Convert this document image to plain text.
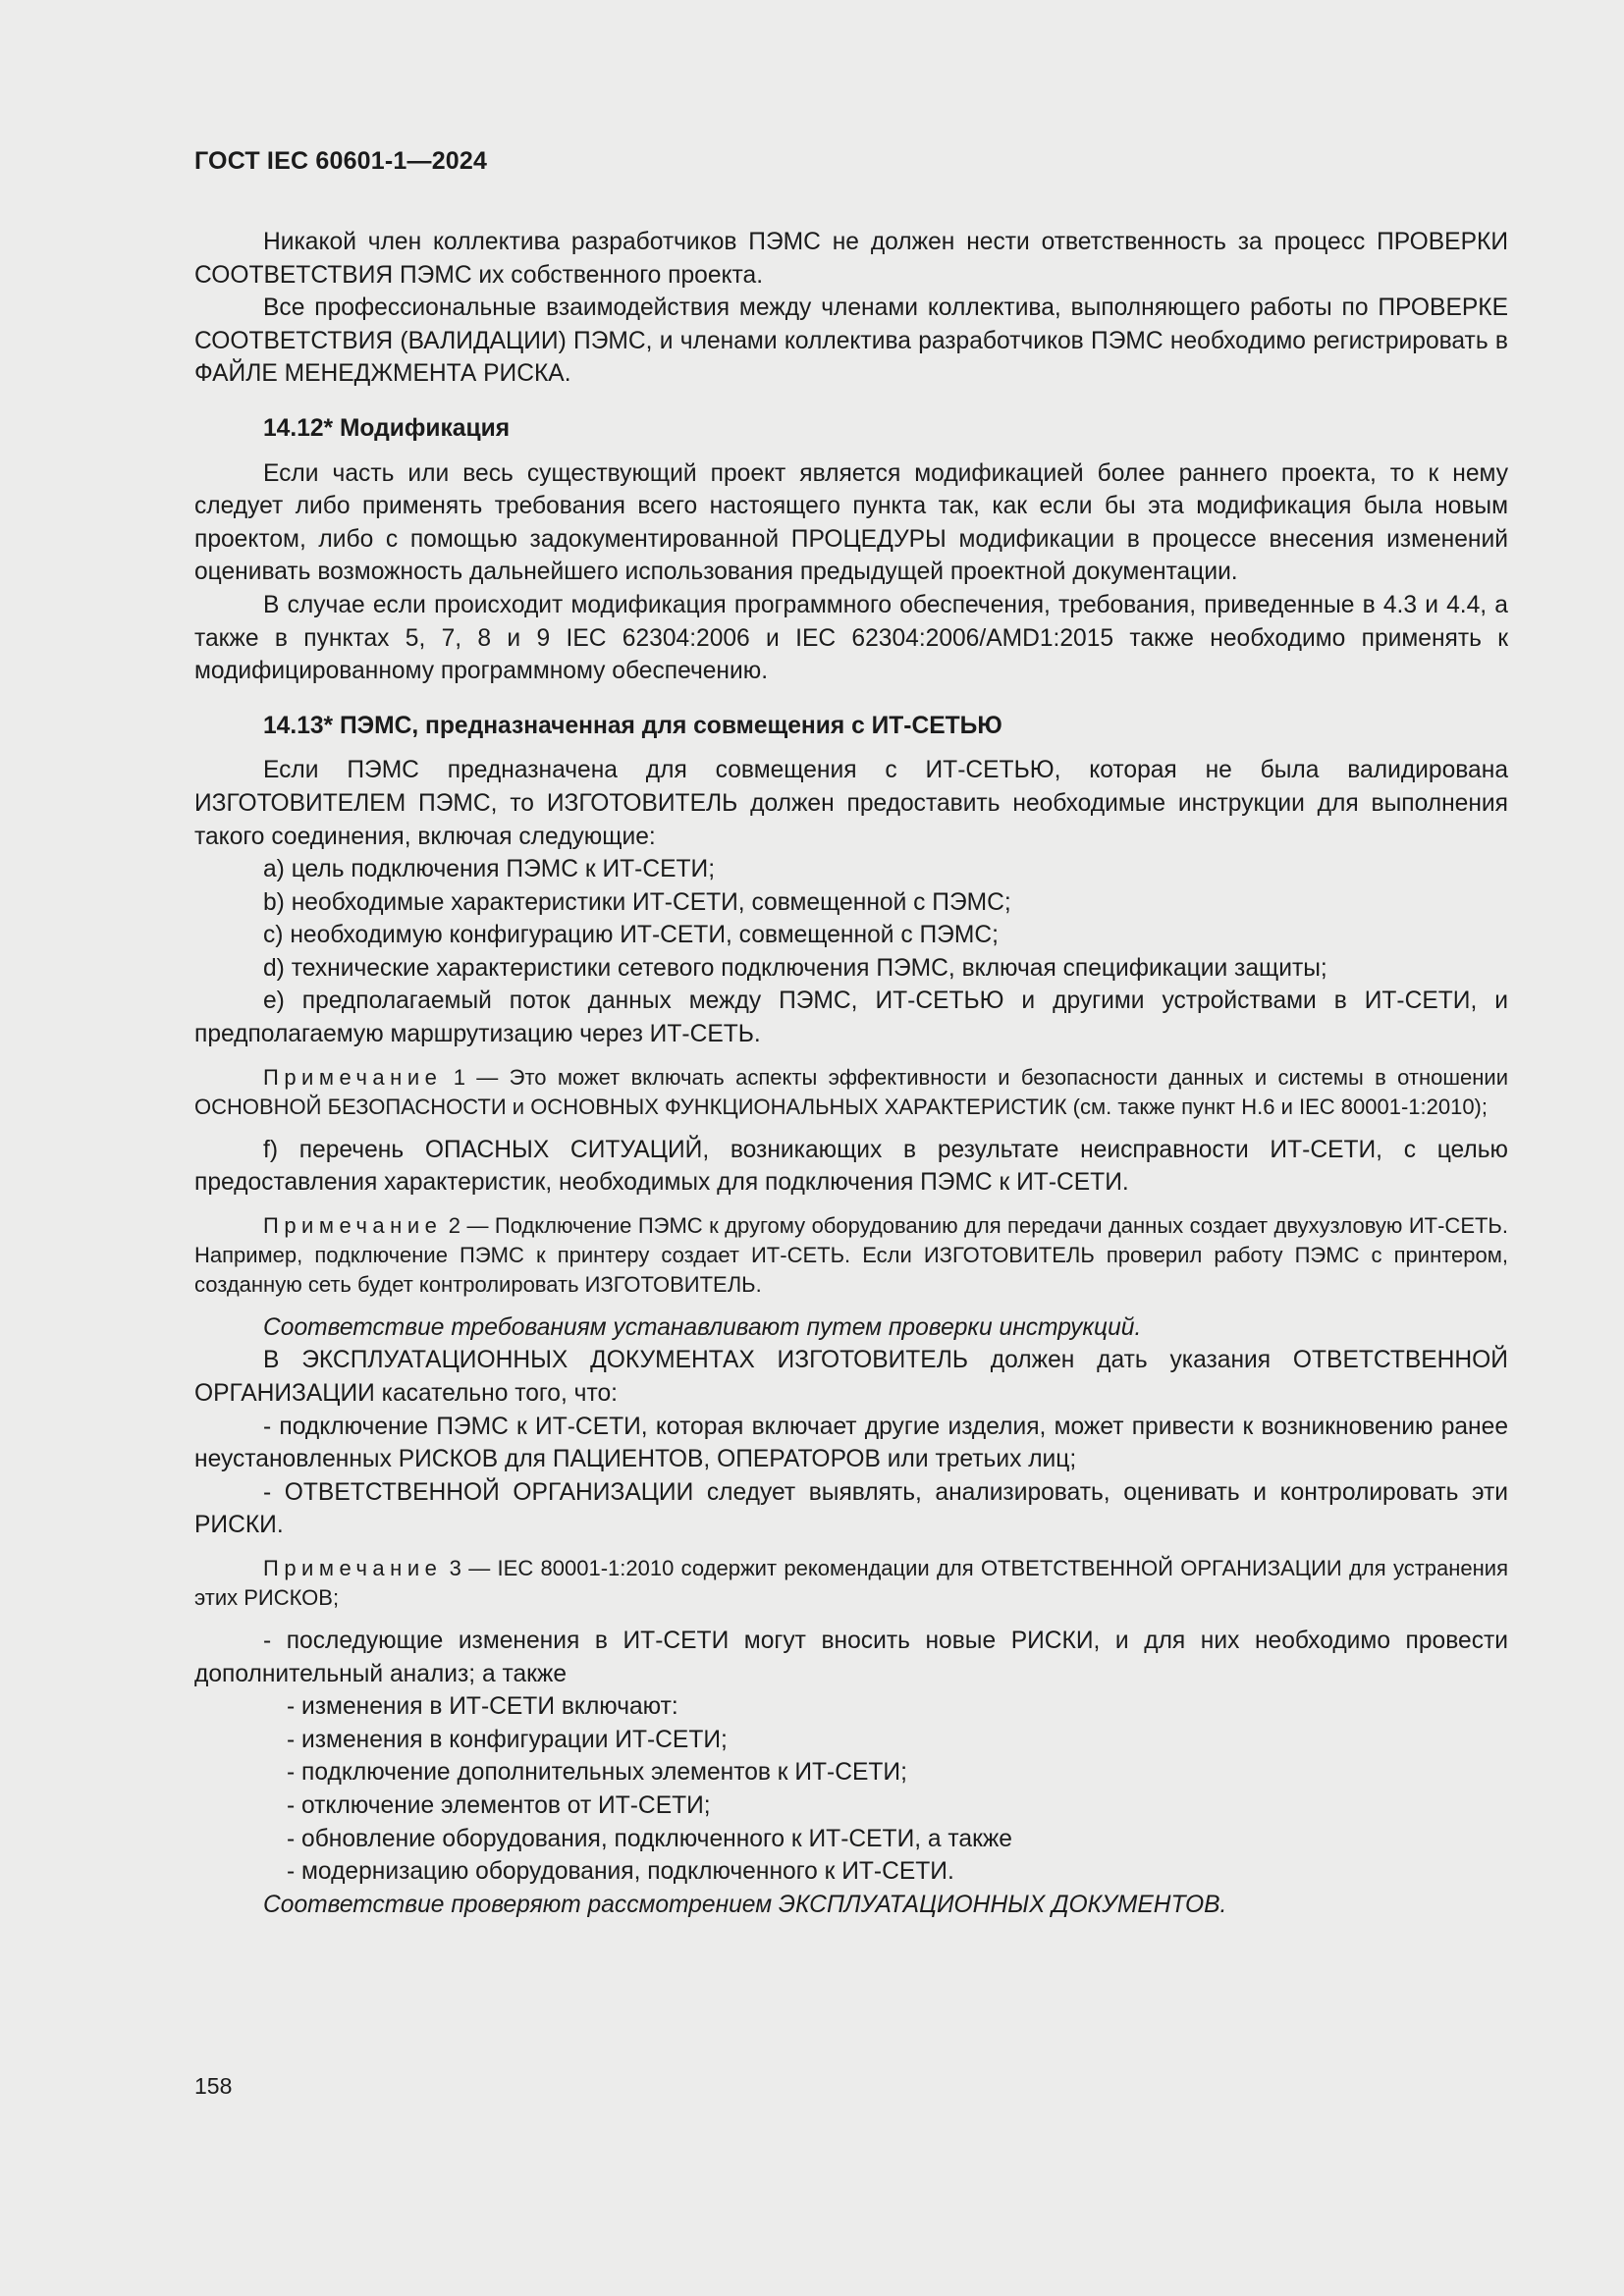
ГОСТ IEC 60601-1—2024

Никакой член коллектива разработчиков ПЭМС не должен нести ответственность за процесс ПРОВЕРКИ СООТВЕТСТВИЯ ПЭМС их собственного проекта.

Все профессиональные взаимодействия между членами коллектива, выполняющего работы по ПРОВЕРКЕ СООТВЕТСТВИЯ (ВАЛИДАЦИИ) ПЭМС, и членами коллектива разработчиков ПЭМС необходимо регистрировать в ФАЙЛЕ МЕНЕДЖМЕНТА РИСКА.

14.12* Модификация

Если часть или весь существующий проект является модификацией более раннего проекта, то к нему следует либо применять требования всего настоящего пункта так, как если бы эта модификация была новым проектом, либо с помощью задокументированной ПРОЦЕДУРЫ модификации в процессе внесения изменений оценивать возможность дальнейшего использования предыдущей проектной документации.

В случае если происходит модификация программного обеспечения, требования, приведенные в 4.3 и 4.4, а также в пунктах 5, 7, 8 и 9 IEC 62304:2006 и IEC 62304:2006/AMD1:2015 также необходимо применять к модифицированному программному обеспечению.

14.13* ПЭМС, предназначенная для совмещения с ИТ-СЕТЬЮ

Если ПЭМС предназначена для совмещения с ИТ-СЕТЬЮ, которая не была валидирована ИЗГОТОВИТЕЛЕМ ПЭМС, то ИЗГОТОВИТЕЛЬ должен предоставить необходимые инструкции для выполнения такого соединения, включая следующие:

a) цель подключения ПЭМС к ИТ-СЕТИ;

b) необходимые характеристики ИТ-СЕТИ, совмещенной с ПЭМС;

c) необходимую конфигурацию ИТ-СЕТИ, совмещенной с ПЭМС;

d) технические характеристики сетевого подключения ПЭМС, включая спецификации защиты;

e) предполагаемый поток данных между ПЭМС, ИТ-СЕТЬЮ и другими устройствами в ИТ-СЕТИ, и предполагаемую маршрутизацию через ИТ-СЕТЬ.

Примечание 1 — Это может включать аспекты эффективности и безопасности данных и системы в отношении ОСНОВНОЙ БЕЗОПАСНОСТИ и ОСНОВНЫХ ФУНКЦИОНАЛЬНЫХ ХАРАКТЕРИСТИК (см. также пункт H.6 и IEC 80001-1:2010);

f) перечень ОПАСНЫХ СИТУАЦИЙ, возникающих в результате неисправности ИТ-СЕТИ, с целью предоставления характеристик, необходимых для подключения ПЭМС к ИТ-СЕТИ.

Примечание 2 — Подключение ПЭМС к другому оборудованию для передачи данных создает двухузловую ИТ-СЕТЬ. Например, подключение ПЭМС к принтеру создает ИТ-СЕТЬ. Если ИЗГОТОВИТЕЛЬ проверил работу ПЭМС с принтером, созданную сеть будет контролировать ИЗГОТОВИТЕЛЬ.

Соответствие требованиям устанавливают путем проверки инструкций.

В ЭКСПЛУАТАЦИОННЫХ ДОКУМЕНТАХ ИЗГОТОВИТЕЛЬ должен дать указания ОТВЕТСТВЕННОЙ ОРГАНИЗАЦИИ касательно того, что:

- подключение ПЭМС к ИТ-СЕТИ, которая включает другие изделия, может привести к возникновению ранее неустановленных РИСКОВ для ПАЦИЕНТОВ, ОПЕРАТОРОВ или третьих лиц;

- ОТВЕТСТВЕННОЙ ОРГАНИЗАЦИИ следует выявлять, анализировать, оценивать и контролировать эти РИСКИ.

Примечание 3 — IEC 80001-1:2010 содержит рекомендации для ОТВЕТСТВЕННОЙ ОРГАНИЗАЦИИ для устранения этих РИСКОВ;

- последующие изменения в ИТ-СЕТИ могут вносить новые РИСКИ, и для них необходимо провести дополнительный анализ; а также

- изменения в ИТ-СЕТИ включают:

- изменения в конфигурации ИТ-СЕТИ;

- подключение дополнительных элементов к ИТ-СЕТИ;

- отключение элементов от ИТ-СЕТИ;

- обновление оборудования, подключенного к ИТ-СЕТИ, а также

- модернизацию оборудования, подключенного к ИТ-СЕТИ.

Соответствие проверяют рассмотрением ЭКСПЛУАТАЦИОННЫХ ДОКУМЕНТОВ.

158
